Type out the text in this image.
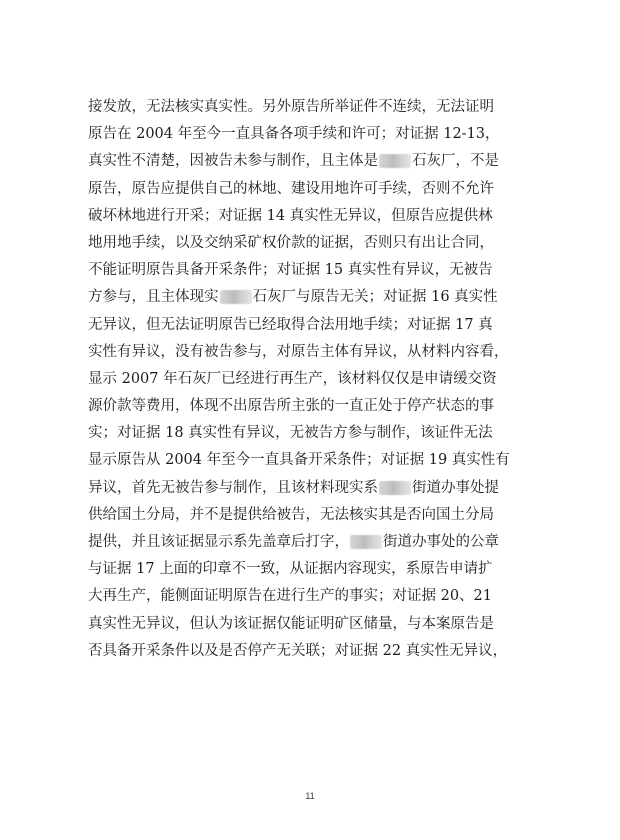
接发放，无法核实真实性。另外原告所举证件不连续，无法证明
原告在 2004 年至今一直具备各项手续和许可；对证据 12-13，
真实性不清楚，因被告未参与制作，且主体是 石灰厂，不是
原告，原告应提供自己的林地、建设用地许可手续，否则不允许
破坏林地进行开采；对证据 14 真实性无异议，但原告应提供林
地用地手续，以及交纳采矿权价款的证据，否则只有出让合同，
不能证明原告具备开采条件；对证据 15 真实性有异议，无被告
方参与，且主体现实 石灰厂与原告无关；对证据 16 真实性
无异议，但无法证明原告已经取得合法用地手续；对证据 17 真
实性有异议，没有被告参与，对原告主体有异议，从材料内容看，
显示 2007 年石灰厂已经进行再生产，该材料仅仅是申请缓交资
源价款等费用，体现不出原告所主张的一直正处于停产状态的事
实；对证据 18 真实性有异议，无被告方参与制作，该证件无法
显示原告从 2004 年至今一直具备开采条件；对证据 19 真实性有
异议，首先无被告参与制作，且该材料现实系 街道办事处提
供给国土分局，并不是提供给被告，无法核实其是否向国土分局
提供，并且该证据显示系先盖章后打字， 街道办事处的公章
与证据 17 上面的印章不一致，从证据内容现实，系原告申请扩
大再生产，能侧面证明原告在进行生产的事实；对证据 20、21
真实性无异议，但认为该证据仅能证明矿区储量，与本案原告是
否具备开采条件以及是否停产无关联；对证据 22 真实性无异议，
11
